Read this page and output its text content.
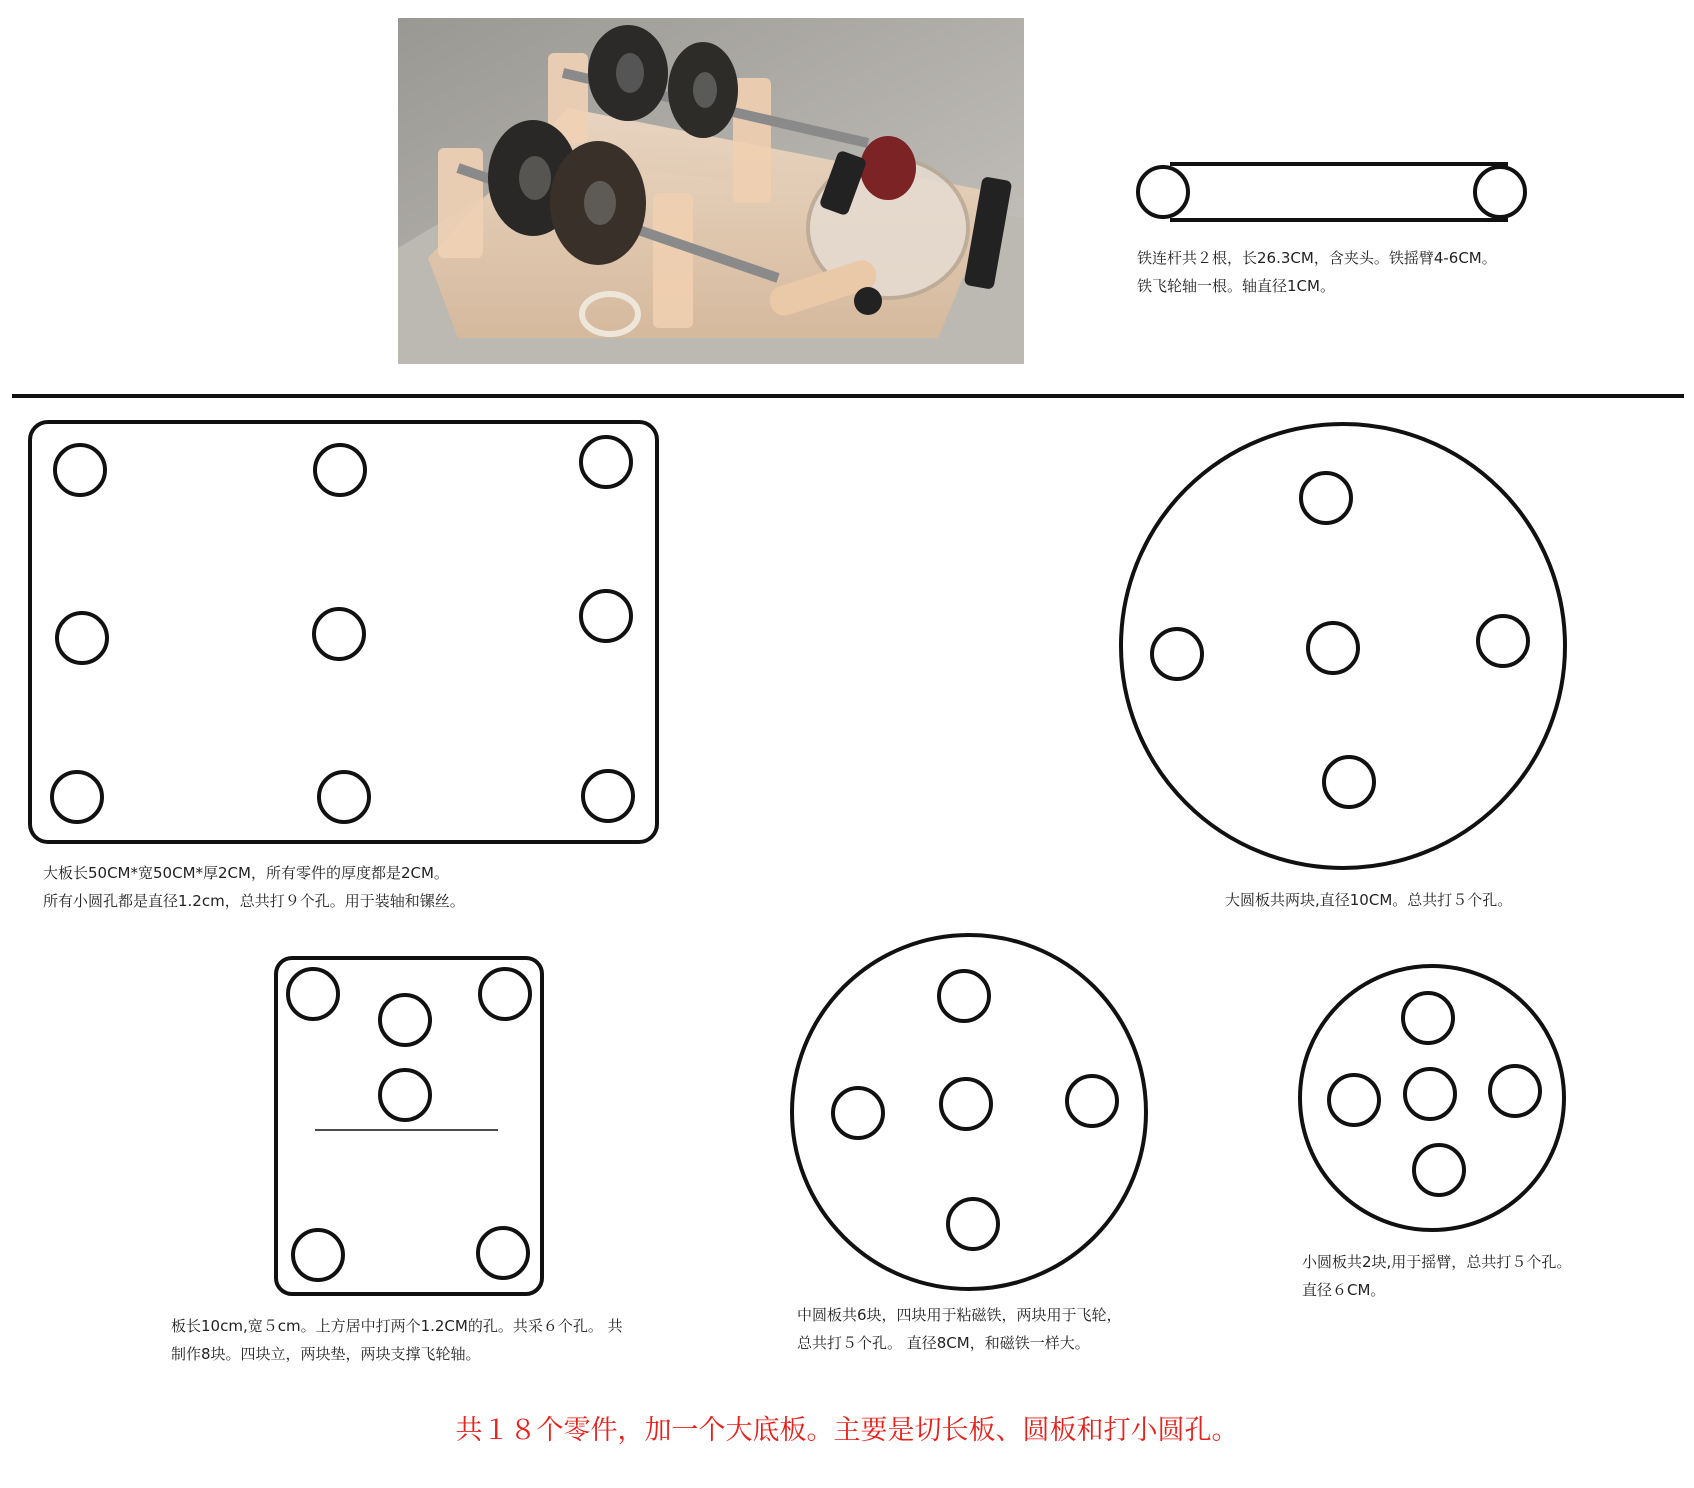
铁连杆共２根，长26.3CM，含夹头。铁摇臂4-6CM。
铁飞轮轴一根。轴直径1CM。
大板长50CM*宽50CM*厚2CM，所有零件的厚度都是2CM。
所有小圆孔都是直径1.2cm，总共打９个孔。用于装轴和镙丝。	大圆板共两块,直径10CM。总共打５个孔。
板长10cm,宽５cm。上方居中打两个1.2CM的孔。共采６个孔。 共
制作8块。四块立，两块垫，两块支撑飞轮轴。
中圆板共6块，四块用于粘磁铁，两块用于飞轮，
总共打５个孔。 直径8CM，和磁铁一样大。
小圆板共2块,用于摇臂，总共打５个孔。
直径６CM。
共１８个零件，加一个大底板。主要是切长板、圆板和打小圆孔。
